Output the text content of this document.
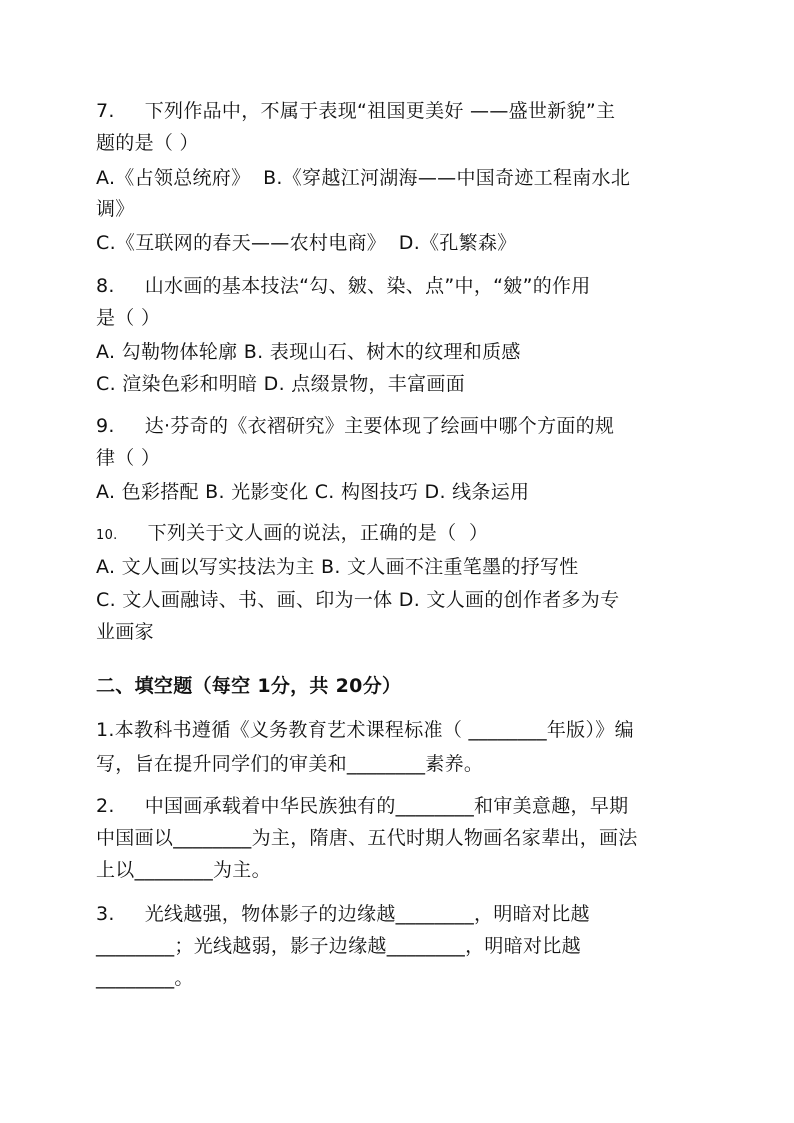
7. 下列作品中，不属于表现“祖国更美好 ——盛世新貌”主
题的是（ ）
A.《占领总统府》  B.《穿越江河湖海——中国奇迹工程南水北
调》
C.《互联网的春天——农村电商》  D.《孔繁森》
8. 山水画的基本技法“勾、皴、染、点”中，“皴”的作用
是（ ）
A. 勾勒物体轮廓 B. 表现山石、树木的纹理和质感
C. 渲染色彩和明暗 D. 点缀景物，丰富画面
9. 达·芬奇的《衣褶研究》主要体现了绘画中哪个方面的规
律（ ）
A. 色彩搭配 B. 光影变化 C. 构图技巧 D. 线条运用
10. 下列关于文人画的说法，正确的是（  ）
A. 文人画以写实技法为主 B. 文人画不注重笔墨的抒写性
C. 文人画融诗、书、画、印为一体 D. 文人画的创作者多为专
业画家
二、填空题（每空 1分，共 20分）
1.本教科书遵循《义务教育艺术课程标准（ ________年版）》编
写，旨在提升同学们的审美和________素养。
2. 中国画承载着中华民族独有的________和审美意趣，早期
中国画以________为主，隋唐、五代时期人物画名家辈出，画法
上以________为主。
3. 光线越强，物体影子的边缘越________，明暗对比越
________；光线越弱，影子边缘越________，明暗对比越
________。
